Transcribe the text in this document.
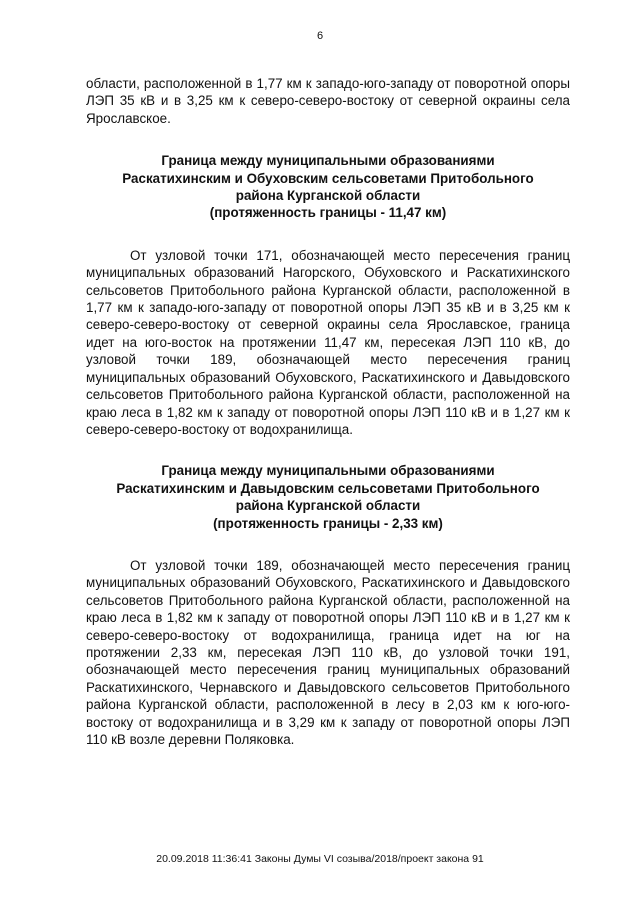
6

области, расположенной в 1,77 км к западо-юго-западу от поворотной опоры ЛЭП 35 кВ и в 3,25 км к северо-северо-востоку от северной окраины села Ярославское.

Граница между муниципальными образованиями
Раскатихинским и Обуховским сельсоветами Притобольного
района Курганской области
(протяженность границы - 11,47 км)

От узловой точки 171, обозначающей место пересечения границ муниципальных образований Нагорского, Обуховского и Раскатихинского сельсоветов Притобольного района Курганской области, расположенной в 1,77 км к западо-юго-западу от поворотной опоры ЛЭП 35 кВ и в 3,25 км к северо-северо-востоку от северной окраины села Ярославское, граница идет на юго-восток на протяжении 11,47 км, пересекая ЛЭП 110 кВ, до узловой точки 189, обозначающей место пересечения границ муниципальных образований Обуховского, Раскатихинского и Давыдовского сельсоветов Притобольного района Курганской области, расположенной на краю леса в 1,82 км к западу от поворотной опоры ЛЭП 110 кВ и в 1,27 км к северо-северо-востоку от водохранилища.

Граница между муниципальными образованиями
Раскатихинским и Давыдовским сельсоветами Притобольного
района Курганской области
(протяженность границы - 2,33 км)

От узловой точки 189, обозначающей место пересечения границ муниципальных образований Обуховского, Раскатихинского и Давыдовского сельсоветов Притобольного района Курганской области, расположенной на краю леса в 1,82 км к западу от поворотной опоры ЛЭП 110 кВ и в 1,27 км к северо-северо-востоку от водохранилища, граница идет на юг на протяжении 2,33 км, пересекая ЛЭП 110 кВ, до узловой точки 191, обозначающей место пересечения границ муниципальных образований Раскатихинского, Чернавского и Давыдовского сельсоветов Притобольного района Курганской области, расположенной в лесу в 2,03 км к юго-юго-востоку от водохранилища и в 3,29 км к западу от поворотной опоры ЛЭП 110 кВ возле деревни Поляковка.

20.09.2018 11:36:41 Законы Думы VI созыва/2018/проект закона 91
